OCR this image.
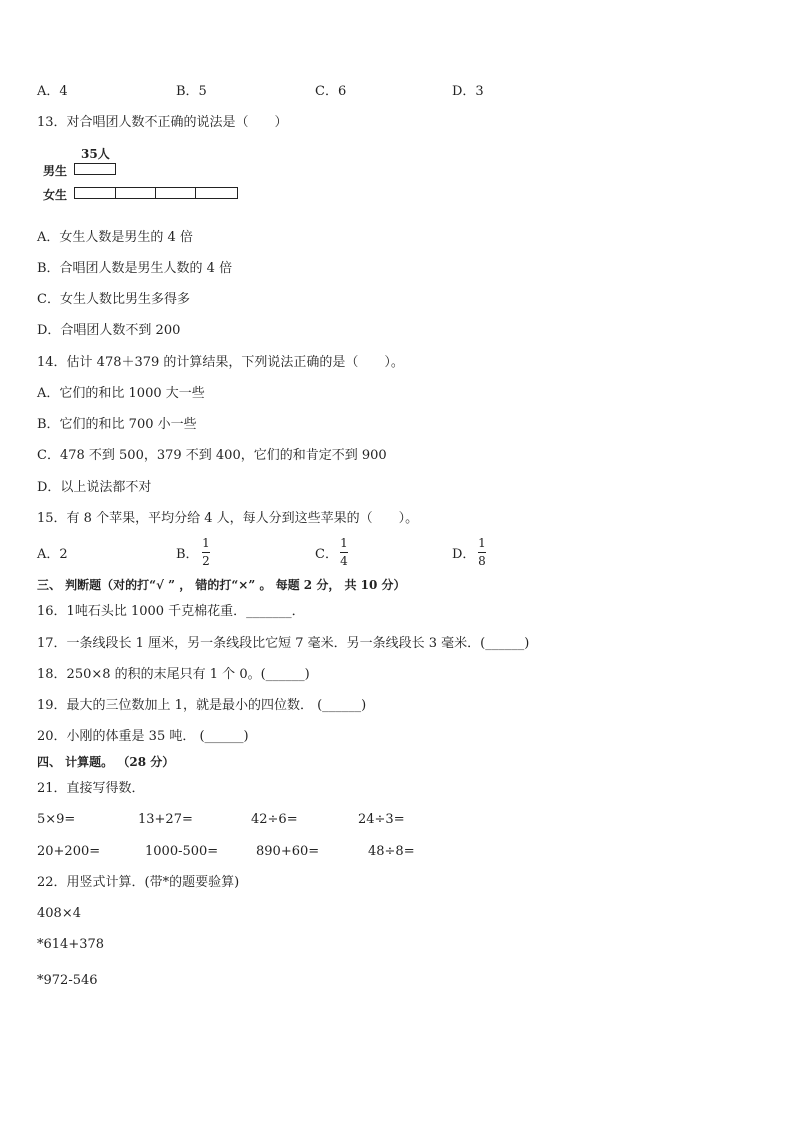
A．4	B．5	C．6	D．3
13．对合唱团人数不正确的说法是（　　）
35人
男生
女生
A．女生人数是男生的 4 倍
B．合唱团人数是男生人数的 4 倍
C．女生人数比男生多得多
D．合唱团人数不到 200
14．估计 478＋379 的计算结果，下列说法正确的是（　　）。
A．它们的和比 1000 大一些
B．它们的和比 700 小一些
C．478 不到 500，379 不到 400，它们的和肯定不到 900
D．以上说法都不对
15．有 8 个苹果，平均分给 4 人，每人分到这些苹果的（　　）。
A．2	B．
1
2	C．
1
4	D．
1
8
三、 判断题（对的打“√ ” ， 错的打“×” 。 每题 2 分， 共 10 分）
16．1吨石头比 1000 千克棉花重．_______．
17．一条线段长 1 厘米，另一条线段比它短 7 毫米．另一条线段长 3 毫米．(______)
18．250×8 的积的末尾只有 1 个 0。(______)
19．最大的三位数加上 1，就是最小的四位数． (______)
20．小刚的体重是 35 吨． (______)
四、 计算题。 （28 分）
21．直接写得数．
5×9=	13+27=	42÷6=	24÷3=
20+200=	1000-500=	890+60=	48÷8=
22．用竖式计算．(带*的题要验算)
408×4
*614+378
*972-546
